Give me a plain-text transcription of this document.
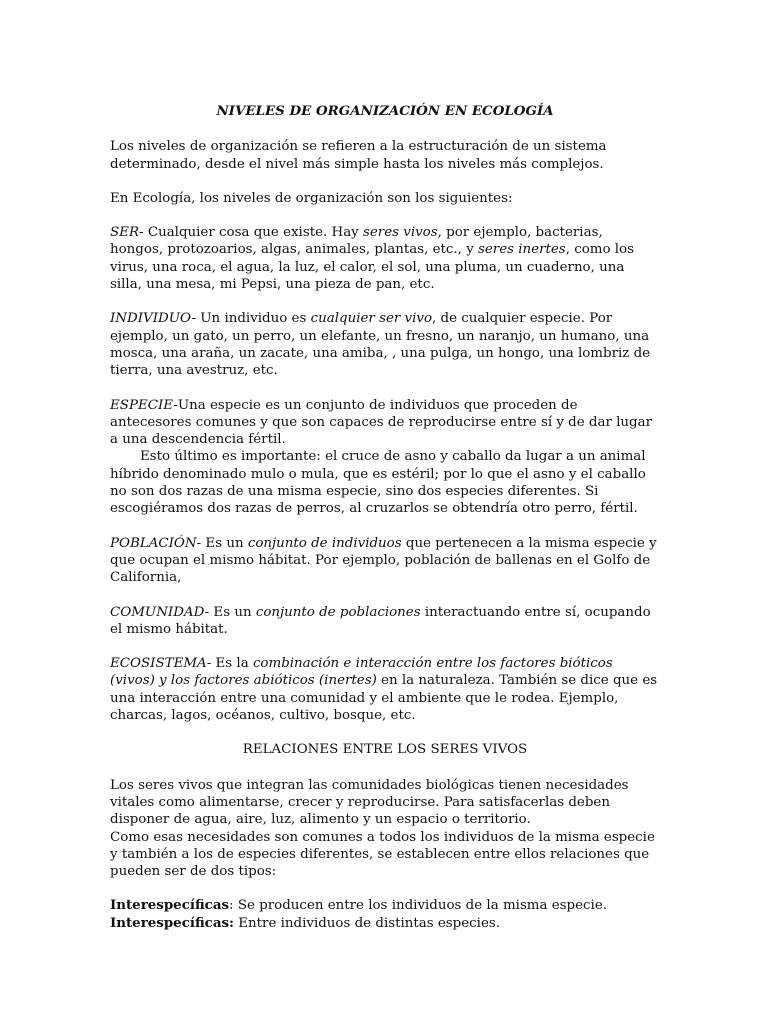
NIVELES DE ORGANIZACIÓN EN ECOLOGÍA

Los niveles de organización se refieren a la estructuración de un sistema determinado, desde el nivel más simple hasta los niveles más complejos.

En Ecología, los niveles de organización son los siguientes:

SER- Cualquier cosa que existe. Hay seres vivos, por ejemplo, bacterias, hongos, protozoarios, algas, animales, plantas, etc., y seres inertes, como los virus, una roca, el agua, la luz, el calor, el sol, una pluma, un cuaderno, una silla, una mesa, mi Pepsi, una pieza de pan, etc.

INDIVIDUO- Un individuo es cualquier ser vivo, de cualquier especie. Por ejemplo, un gato, un perro, un elefante, un fresno, un naranjo, un humano, una mosca, una araña, un zacate, una amiba, , una pulga, un hongo, una lombriz de tierra, una avestruz, etc.

ESPECIE-Una especie es un conjunto de individuos que proceden de antecesores comunes y que son capaces de reproducirse entre sí y de dar lugar a una descendencia fértil.

Esto último es importante: el cruce de asno y caballo da lugar a un animal híbrido denominado mulo o mula, que es estéril; por lo que el asno y el caballo no son dos razas de una misma especie, sino dos especies diferentes. Si escogiéramos dos razas de perros, al cruzarlos se obtendría otro perro, fértil.

POBLACIÓN- Es un conjunto de individuos que pertenecen a la misma especie y que ocupan el mismo hábitat. Por ejemplo, población de ballenas en el Golfo de California,

COMUNIDAD- Es un conjunto de poblaciones interactuando entre sí, ocupando el mismo hábitat.

ECOSISTEMA- Es la combinación e interacción entre los factores bióticos (vivos) y los factores abióticos (inertes) en la naturaleza. También se dice que es una interacción entre una comunidad y el ambiente que le rodea. Ejemplo, charcas, lagos, océanos, cultivo, bosque, etc.

RELACIONES ENTRE LOS SERES VIVOS

Los seres vivos que integran las comunidades biológicas tienen necesidades vitales como alimentarse, crecer y reproducirse. Para satisfacerlas deben disponer de agua, aire, luz, alimento y un espacio o territorio.

Como esas necesidades son comunes a todos los individuos de la misma especie y también a los de especies diferentes, se establecen entre ellos relaciones que pueden ser de dos tipos:

Interespecíficas: Se producen entre los individuos de la misma especie.

Interespecíficas: Entre individuos de distintas especies.
